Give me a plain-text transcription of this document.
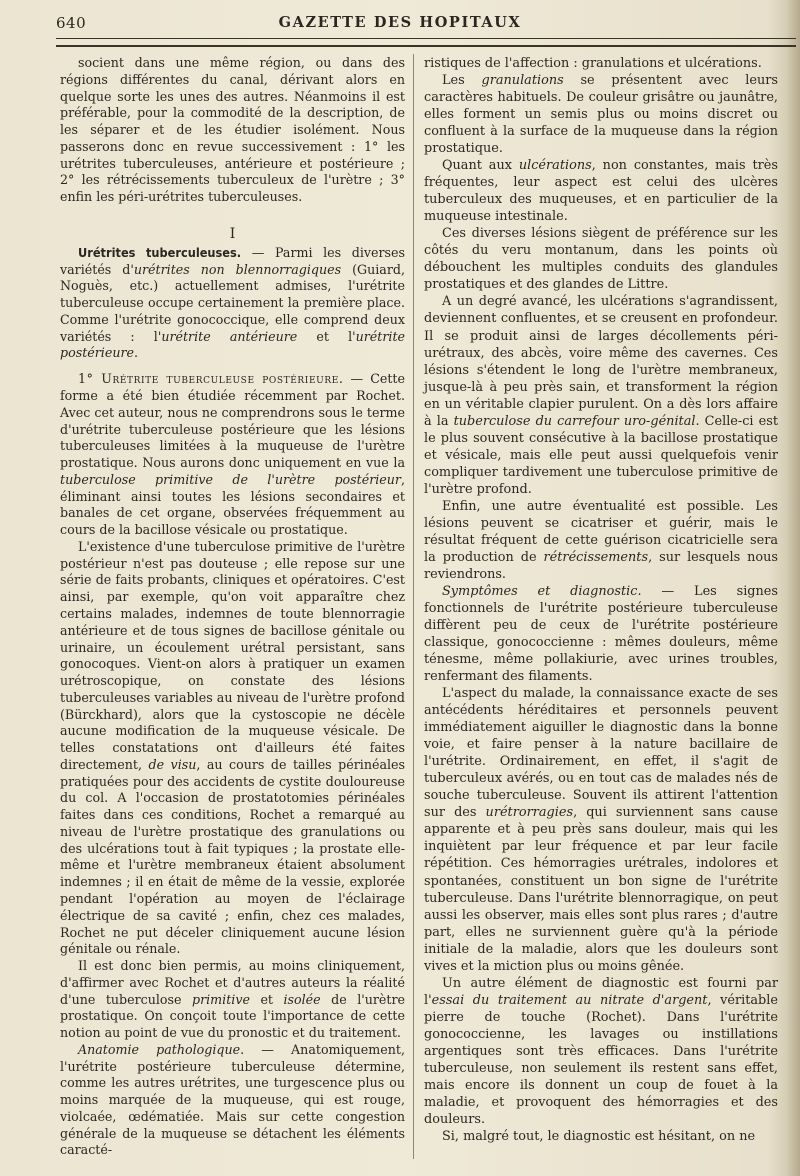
640	GAZETTE DES HOPITAUX

socient dans une même région, ou dans des régions différentes du canal, dérivant alors en quelque sorte les unes des autres. Néanmoins il est préférable, pour la commodité de la description, de les séparer et de les étudier isolément. Nous passerons donc en revue successivement : 1° les urétrites tuberculeuses, antérieure et postérieure ; 2° les rétrécissements tuberculeux de l'urètre ; 3° enfin les péri-urétrites tuberculeuses.

I

Urétrites tuberculeuses. — Parmi les diverses variétés d'urétrites non blennorragiques (Guiard, Noguès, etc.) actuellement admises, l'urétrite tuberculeuse occupe certainement la première place. Comme l'urétrite gonococcique, elle comprend deux variétés : l'urétrite antérieure et l'urétrite postérieure.

1° Urétrite tuberculeuse postérieure. — Cette forme a été bien étudiée récemment par Rochet. Avec cet auteur, nous ne comprendrons sous le terme d'urétrite tuberculeuse postérieure que les lésions tuberculeuses limitées à la muqueuse de l'urètre prostatique. Nous aurons donc uniquement en vue la tuberculose primitive de l'urètre postérieur, éliminant ainsi toutes les lésions secondaires et banales de cet organe, observées fréquemment au cours de la bacillose vésicale ou prostatique.

L'existence d'une tuberculose primitive de l'urètre postérieur n'est pas douteuse ; elle repose sur une série de faits probants, cliniques et opératoires. C'est ainsi, par exemple, qu'on voit apparaître chez certains malades, indemnes de toute blennorragie antérieure et de tous signes de bacillose génitale ou urinaire, un écoulement urétral persistant, sans gonocoques. Vient-on alors à pratiquer un examen urétroscopique, on constate des lésions tuberculeuses variables au niveau de l'urètre profond (Bürckhard), alors que la cystoscopie ne décèle aucune modification de la muqueuse vésicale. De telles constatations ont d'ailleurs été faites directement, de visu, au cours de tailles périnéales pratiquées pour des accidents de cystite douloureuse du col. A l'occasion de prostatotomies périnéales faites dans ces conditions, Rochet a remarqué au niveau de l'urètre prostatique des granulations ou des ulcérations tout à fait typiques ; la prostate elle-même et l'urètre membraneux étaient absolument indemnes ; il en était de même de la vessie, explorée pendant l'opération au moyen de l'éclairage électrique de sa cavité ; enfin, chez ces malades, Rochet ne put déceler cliniquement aucune lésion génitale ou rénale.

Il est donc bien permis, au moins cliniquement, d'affirmer avec Rochet et d'autres auteurs la réalité d'une tuberculose primitive et isolée de l'urètre prostatique. On conçoit toute l'importance de cette notion au point de vue du pronostic et du traitement.

Anatomie pathologique. — Anatomiquement, l'urétrite postérieure tuberculeuse détermine, comme les autres urétrites, une turgescence plus ou moins marquée de la muqueuse, qui est rouge, violcaée, œdématiée. Mais sur cette congestion générale de la muqueuse se détachent les éléments caracté-

ristiques de l'affection : granulations et ulcérations.

Les granulations se présentent avec leurs caractères habituels. De couleur grisâtre ou jaunâtre, elles forment un semis plus ou moins discret ou confluent à la surface de la muqueuse dans la région prostatique.

Quant aux ulcérations, non constantes, mais très fréquentes, leur aspect est celui des ulcères tuberculeux des muqueuses, et en particulier de la muqueuse intestinale.

Ces diverses lésions siègent de préférence sur les côtés du veru montanum, dans les points où débouchent les multiples conduits des glandules prostatiques et des glandes de Littre.

A un degré avancé, les ulcérations s'agrandissent, deviennent confluentes, et se creusent en profondeur. Il se produit ainsi de larges décollements péri-urétraux, des abcès, voire même des cavernes. Ces lésions s'étendent le long de l'urètre membraneux, jusque-là à peu près sain, et transforment la région en un véritable clapier purulent. On a dès lors affaire à la tuberculose du carrefour uro-génital. Celle-ci est le plus souvent consécutive à la bacillose prostatique et vésicale, mais elle peut aussi quelquefois venir compliquer tardivement une tuberculose primitive de l'urètre profond.

Enfin, une autre éventualité est possible. Les lésions peuvent se cicatriser et guérir, mais le résultat fréquent de cette guérison cicatricielle sera la production de rétrécissements, sur lesquels nous reviendrons.

Symptômes et diagnostic. — Les signes fonctionnels de l'urétrite postérieure tuberculeuse diffèrent peu de ceux de l'urétrite postérieure classique, gonococcienne : mêmes douleurs, même ténesme, même pollakiurie, avec urines troubles, renfermant des filaments.

L'aspect du malade, la connaissance exacte de ses antécédents héréditaires et personnels peuvent immédiatement aiguiller le diagnostic dans la bonne voie, et faire penser à la nature bacillaire de l'urétrite. Ordinairement, en effet, il s'agit de tuberculeux avérés, ou en tout cas de malades nés de souche tuberculeuse. Souvent ils attirent l'attention sur des urétrorragies, qui surviennent sans cause apparente et à peu près sans douleur, mais qui les inquiètent par leur fréquence et par leur facile répétition. Ces hémorragies urétrales, indolores et spontanées, constituent un bon signe de l'urétrite tuberculeuse. Dans l'urétrite blennorragique, on peut aussi les observer, mais elles sont plus rares ; d'autre part, elles ne surviennent guère qu'à la période initiale de la maladie, alors que les douleurs sont vives et la miction plus ou moins gênée.

Un autre élément de diagnostic est fourni par l'essai du traitement au nitrate d'argent, véritable pierre de touche (Rochet). Dans l'urétrite gonococcienne, les lavages ou instillations argentiques sont très efficaces. Dans l'urétrite tuberculeuse, non seulement ils restent sans effet, mais encore ils donnent un coup de fouet à la maladie, et provoquent des hémorragies et des douleurs.

Si, malgré tout, le diagnostic est hésitant, on ne
